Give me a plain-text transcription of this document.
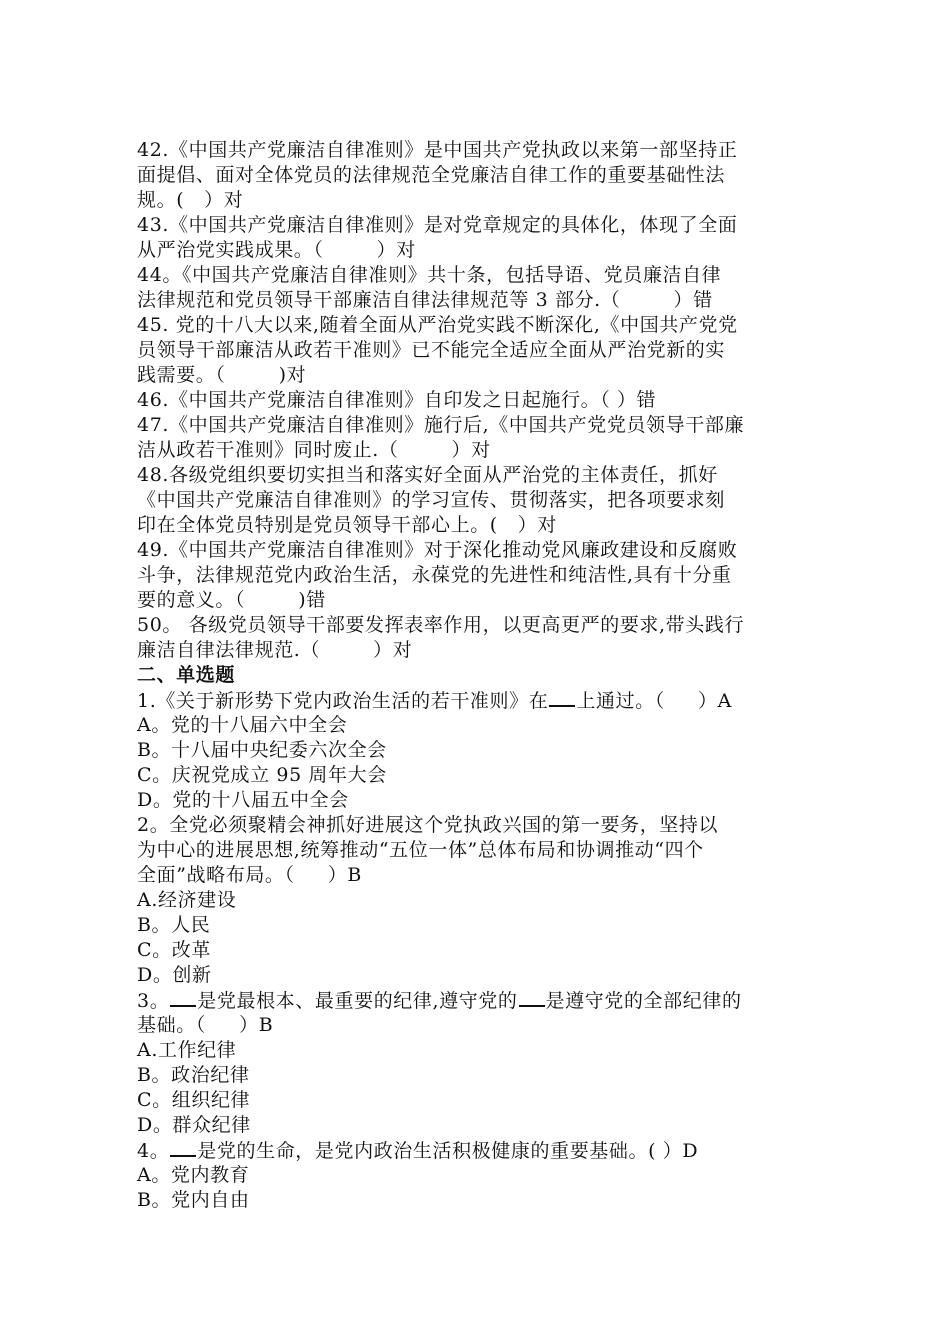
42.《中国共产党廉洁自律准则》是中国共产党执政以来第一部坚持正
面提倡、面对全体党员的法律规范全党廉洁自律工作的重要基础性法
规。(   ）对
43.《中国共产党廉洁自律准则》是对党章规定的具体化，体现了全面
从严治党实践成果。（        ）对
44。《中国共产党廉洁自律准则》共十条，包括导语、党员廉洁自律
法律规范和党员领导干部廉洁自律法律规范等 3 部分.（        ）错
45. 党的十八大以来,随着全面从严治党实践不断深化,《中国共产党党
员领导干部廉洁从政若干准则》已不能完全适应全面从严治党新的实
践需要。（        )对
46.《中国共产党廉洁自律准则》自印发之日起施行。（ ）错
47.《中国共产党廉洁自律准则》施行后,《中国共产党党员领导干部廉
洁从政若干准则》同时废止.（        ）对
48.各级党组织要切实担当和落实好全面从严治党的主体责任，抓好
《中国共产党廉洁自律准则》的学习宣传、贯彻落实，把各项要求刻
印在全体党员特别是党员领导干部心上。(   ）对
49.《中国共产党廉洁自律准则》对于深化推动党风廉政建设和反腐败
斗争，法律规范党内政治生活，永葆党的先进性和纯洁性,具有十分重
要的意义。（        )错
50。 各级党员领导干部要发挥表率作用，以更高更严的要求,带头践行
廉洁自律法律规范.（        ）对
二、单选题
1.《关于新形势下党内政治生活的若干准则》在 上通过。（     ）A
A。党的十八届六中全会
B。十八届中央纪委六次全会
C。庆祝党成立 95 周年大会
D。党的十八届五中全会
2。全党必须聚精会神抓好进展这个党执政兴国的第一要务，坚持以
为中心的进展思想,统筹推动“五位一体”总体布局和协调推动“四个
全面”战略布局。（     ）B
A.经济建设
B。人民
C。改革
D。创新
3。 是党最根本、最重要的纪律,遵守党的 是遵守党的全部纪律的
基础。（     ）B
A.工作纪律
B。政治纪律
C。组织纪律
D。群众纪律
4。 是党的生命，是党内政治生活积极健康的重要基础。( ）D
A。党内教育
B。党内自由
